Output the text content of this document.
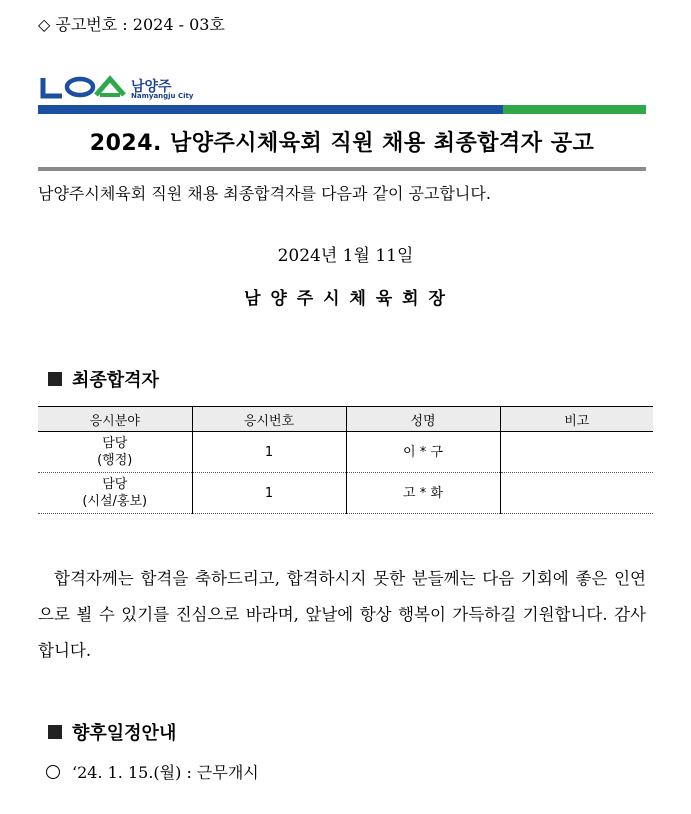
◇ 공고번호 : 2024 - 03호
남양주
Namyangju City
2024. 남양주시체육회 직원 채용 최종합격자 공고
남양주시체육회 직원 채용 최종합격자를 다음과 같이 공고합니다.
2024년 1월 11일
남 양 주 시 체 육 회 장
최종합격자
응시분야	응시번호	성명	비고
담당
(행정)	1	이 * 구	
담당
(시설/홍보)	1	고 * 화	

합격자께는 합격을 축하드리고, 합격하시지 못한 분들께는 다음 기회에 좋은 인연으로 뵐 수 있기를 진심으로 바라며, 앞날에 항상 행복이 가득하길 기원합니다. 감사합니다.

향후일정안내
‘24. 1. 15.(월) : 근무개시
